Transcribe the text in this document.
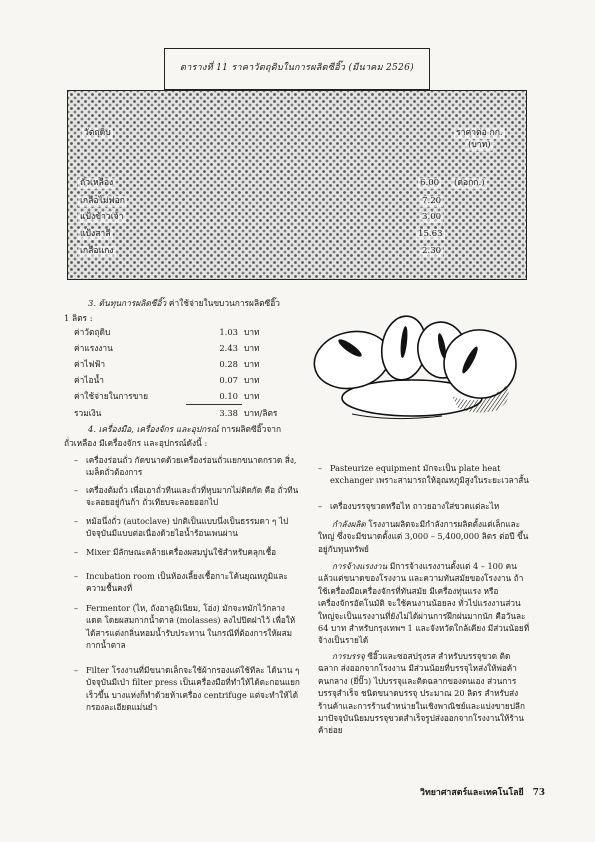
ตารางที่ 11 ราคาวัตถุดิบในการผลิตซีอิ๊ว (มีนาคม 2526)
วัตถุดิบ	ราคาต่อ กก.
(บาท)
ถั่วเหลือง	6.00 (ต่อกก.)
เกลือไม่ฟอก	7.20
แป้งข้าวเจ้า	3.00
แป้งสาลี	15.63
เกลือแกง	2.30
3. ต้นทุนการผลิตซีอิ๊ว ค่าใช้จ่ายในขบวนการผลิตซีอิ๊ว
1 ลิตร :
ค่าวัตถุดิบ	1.03 บาท
ค่าแรงงาน	2.43 บาท
ค่าไฟฟ้า	0.28 บาท
ค่าไอน้ำ	0.07 บาท
ค่าใช้จ่ายในการขาย	0.10 บาท
รวมเงิน	3.38 บาท/ลิตร
4. เครื่องมือ, เครื่องจักร และอุปกรณ์ การผลิตซีอิ๊วจาก
ถั่วเหลือง มีเครื่องจักร และอุปกรณ์ดังนี้ :
– เครื่องร่อนถั่ว กัดขนาดด้วยเครื่องร่อนถั่วแยกขนาดกรวด สิ่ง, เมล็ดถั่วต้องการ
– เครื่องต้มถั่ว เพื่อเอาถั่วทีนและถั่วที่หุบมากไม่ติดกัด คือ ถั่วทีนจะลอยอยู่กันก้า ถั่วเทียบจะลอยออกไป
– หม้อนึ่งถั่ว (autoclave) ปกติเป็นแบบนึ่งเป็นธรรมดา ๆ ไป บัจจุบันมีแบบต่อเนื่องด้วยไอน้ำร้อนเพนผ่าน
– Mixer มีลักษณะคล้ายเครื่องผสมปูนใช้สำหรับคลุกเชื้อ
– Incubation room เป็นห้องเลี้ยงเชื้อกาะโค้นยุณหภูมิและความชื้นคงที่
– Fermentor (ไห, ถังอาลูมิเนียม, โอ่ง) มักจะหมักไว้กลางแดด โดยผสมกากน้ำตาล (molasses) ลงไปปิดฝาไว้ เพื่อให้ได้สารแต่งกลิ่นหอมน้ำรับประทาน ในกรณีที่ต้องการให้ผสมกากน้ำตาล
– Filter โรงงานที่มีขนาดเล็กจะใช้ผ้ากรองแต่ใช้ทีละ ได้นาน ๆ บัจจุบันมีเป่า filter press เป็นเครื่องมือที่ทำให้ได้ตะกอนแยกเร็วขึ้น บางแห่งก็ทำด้วยห้าเครื่อง centrifuge แต่จะทำให้ได้กรองละเอียดแม่นยำ
– Pasteurize equipment มักจะเป็น plate heat exchanger เพราะสามารถให้อุณหภูมิสูงในระยะเวลาสั้น
– เครื่องบรรจุขวดหรือไห ถาวยอางใส่ขวดแต่ละไห
กำลังผลิต โรงงานผลิตจะมีกำลังการผลิตตั้งแต่เล็กและใหญ่ ซึ่งจะมีขนาดตั้งแต่ 3,000 – 5,400,000 ลิตร ต่อปี ขึ้นอยู่กับทุนทรัพย์
การจ้างแรงงาน มีการจ้างแรงงานตั้งแต่ 4 – 100 คน แล้วแต่ขนาดของโรงงาน และความทันสมัยของโรงงาน ถ้าใช้เครื่องมือเครื่องจักรที่ทันสมัย มีเครื่องทุ่นแรง หรือเครื่องจักรอัตโนมัติ จะใช้คนงานน้อยลง ทั่วไปแรงงานส่วนใหญ่จะเป็นแรงงานที่ยังไม่ได้ผ่านการฝึกฝนมากนัก คือวันละ 64 บาท สำหรับกรุงเทพฯ 1 และจังหวัดใกล้เคียง มีส่วนน้อยที่จ้างเป็นรายได้
การบรรจุ ซีอิ๊วและซอสปรุงรส สำหรับบรรจุขวด ติดฉลาก ส่งออกจากโรงงาน มีส่วนน้อยที่บรรจุไหส่งให้พ่อค้าคนกลาง (ยี่ปั๊ว) ไปบรรจุและติดฉลากของตนเอง ส่วนการบรรจุสำเร็จ ชนิดขนาดบรรจุ ประมาณ 20 ลิตร สำหรับส่งร้านค้าและการร้านจำหน่ายในเชิงพาณิชย์และแบ่งขายปลีก มาปัจจุบันนิยมบรรจุขวดสำเร็จรูปส่งออกจากโรงงานให้ร้านค้าย่อย
วิทยาศาสตร์และเทคโนโลยี 73
